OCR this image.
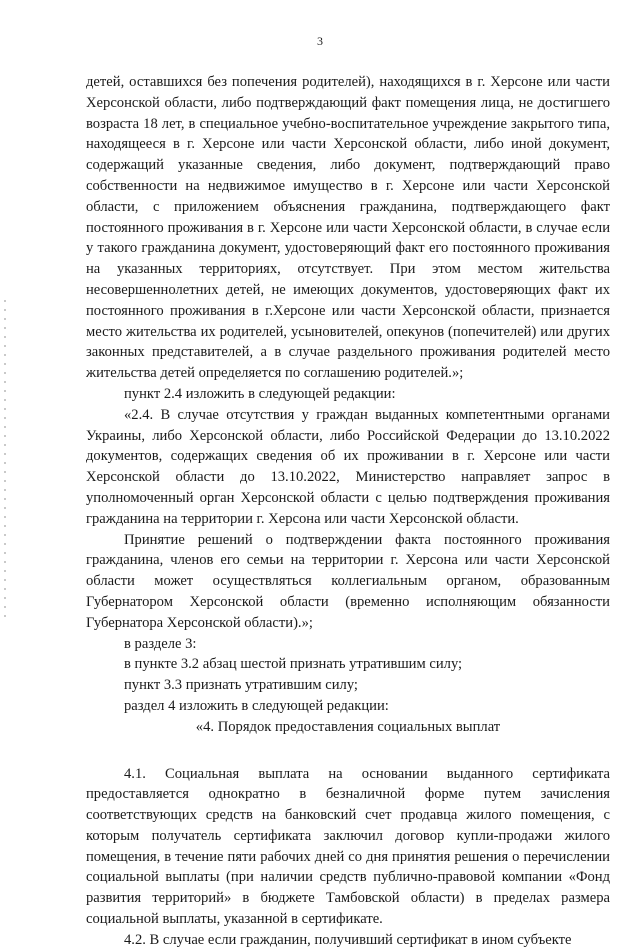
3

детей, оставшихся без попечения родителей), находящихся в г. Херсоне или части Херсонской области, либо подтверждающий факт помещения лица, не достигшего возраста 18 лет, в специальное учебно-воспитательное учреждение закрытого типа, находящееся в г. Херсоне или части Херсонской области, либо иной документ, содержащий указанные сведения, либо документ, подтверждающий право собственности на недвижимое имущество в г. Херсоне или части Херсонской области, с приложением объяснения гражданина, подтверждающего факт постоянного проживания в г. Херсоне или части Херсонской области, в случае если у такого гражданина документ, удостоверяющий факт его постоянного проживания на указанных территориях, отсутствует. При этом местом жительства несовершеннолетних детей, не имеющих документов, удостоверяющих факт их постоянного проживания в г.Херсоне или части Херсонской области, признается место жительства их родителей, усыновителей, опекунов (попечителей) или других законных представителей, а в случае раздельного проживания родителей место жительства детей определяется по соглашению родителей.»;

пункт 2.4 изложить в следующей редакции:

«2.4. В случае отсутствия у граждан выданных компетентными органами Украины, либо Херсонской области, либо Российской Федерации до 13.10.2022 документов, содержащих сведения об их проживании в г. Херсоне или части Херсонской области до 13.10.2022, Министерство направляет запрос в уполномоченный орган Херсонской области с целью подтверждения проживания гражданина на территории г. Херсона или части Херсонской области.

Принятие решений о подтверждении факта постоянного проживания гражданина, членов его семьи на территории г. Херсона или части Херсонской области может осуществляться коллегиальным органом, образованным Губернатором Херсонской области (временно исполняющим обязанности Губернатора Херсонской области).»;

в разделе 3:

в пункте 3.2 абзац шестой признать утратившим силу;

пункт 3.3 признать утратившим силу;

раздел 4 изложить в следующей редакции:

«4. Порядок предоставления социальных выплат

4.1. Социальная выплата на основании выданного сертификата предоставляется однократно в безналичной форме путем зачисления соответствующих средств на банковский счет продавца жилого помещения, с которым получатель сертификата заключил договор купли-продажи жилого помещения, в течение пяти рабочих дней со дня принятия решения о перечислении социальной выплаты (при наличии средств публично-правовой компании «Фонд развития территорий» в бюджете Тамбовской области) в пределах размера социальной выплаты, указанной в сертификате.

4.2. В случае если гражданин, получивший сертификат в ином субъекте
